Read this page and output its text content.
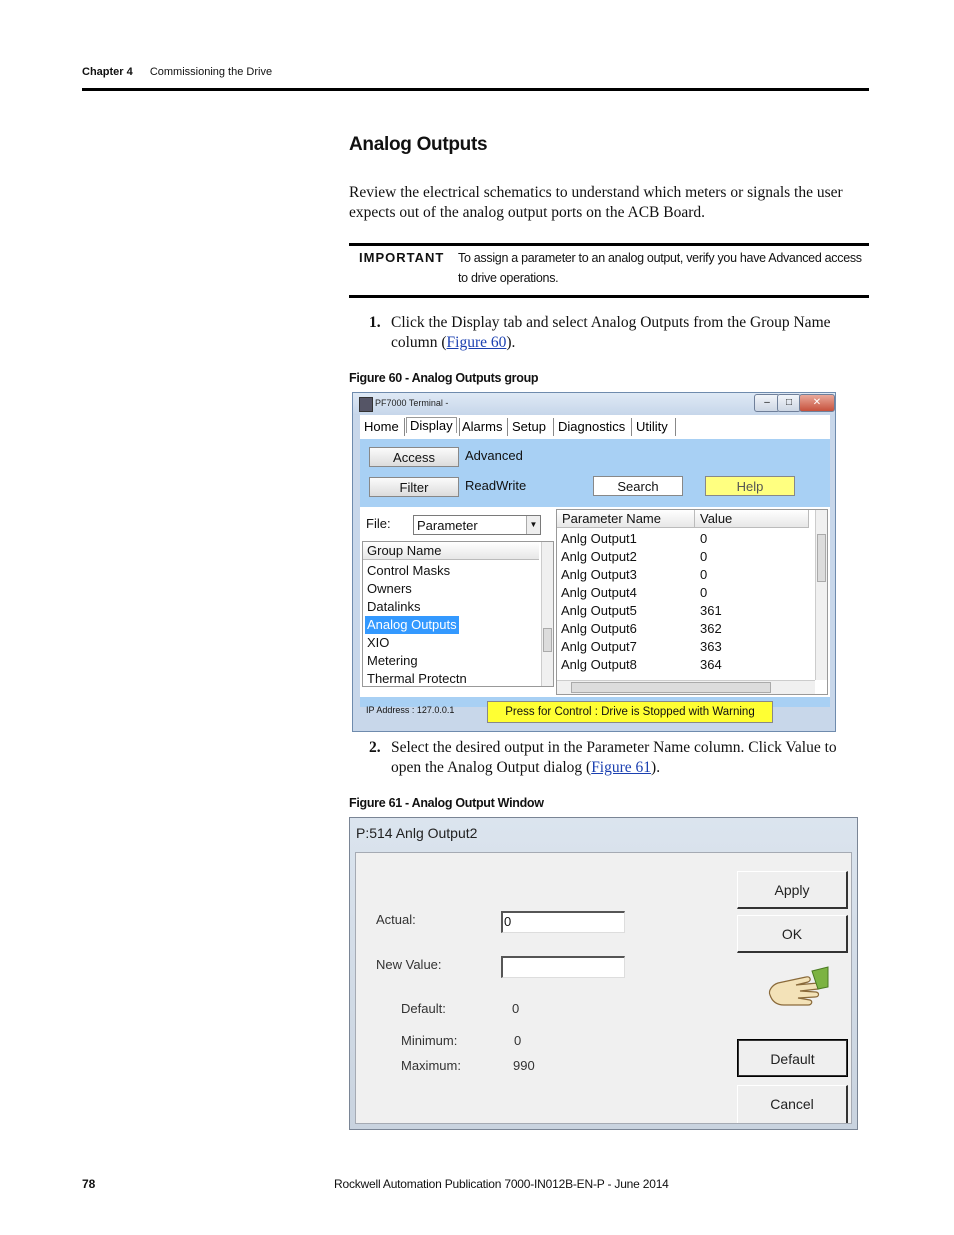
Chapter 4 Commissioning the Drive
Analog Outputs

Review the electrical schematics to understand which meters or signals the user expects out of the analog output ports on the ACB Board.

IMPORTANT To assign a parameter to an analog output, verify you have Advanced access to drive operations.
1. Click the Display tab and select Analog Outputs from the Group Name column (Figure 60).
Figure 60 - Analog Outputs group
PF7000 Terminal -	–	□	✕
Home Display Alarms Setup Diagnostics Utility
Access	Advanced
Filter	ReadWrite	Search	Help
File:	Parameter	▼
Group Name
Control Masks
Owners
Datalinks
Analog Outputs
XIO
Metering
Thermal Protectn
Parameter Name	Value
Anlg Output1	0
Anlg Output2	0
Anlg Output3	0
Anlg Output4	0
Anlg Output5	361
Anlg Output6	362
Anlg Output7	363
Anlg Output8	364
IP Address : 127.0.0.1	Press for Control : Drive is Stopped with Warning
2. Select the desired output in the Parameter Name column. Click Value to open the Analog Output dialog (Figure 61).
Figure 61 - Analog Output Window
P:514 Anlg Output2
Actual:	0
New Value:
Default:	0
Minimum:	0
Maximum:	990
Apply
OK
Default
Cancel
78	Rockwell Automation Publication 7000-IN012B-EN-P - June 2014
